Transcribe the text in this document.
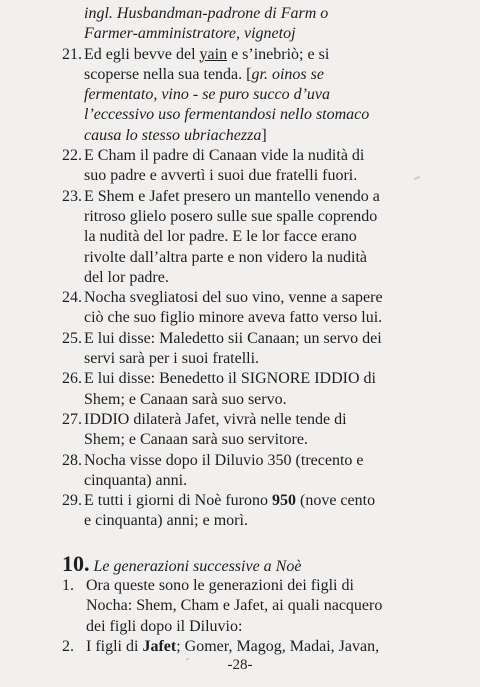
ingl. Husbandman-padrone di Farm o
Farmer-amministratore, vignetoj
21. Ed egli bevve del yain e s’inebriò; e si
scoperse nella sua tenda. [gr. oinos se
fermentato, vino - se puro succo d’uva
l’eccessivo uso fermentandosi nello stomaco
causa lo stesso ubriachezza]
22. E Cham il padre di Canaan vide la nudità di
suo padre e avvertì i suoi due fratelli fuori.
23. E Shem e Jafet presero un mantello venendo a
ritroso glielo posero sulle sue spalle coprendo
la nudità del lor padre. E le lor facce erano
rivolte dall’altra parte e non videro la nudità
del lor padre.
24. Nocha svegliatosi del suo vino, venne a sapere
ciò che suo figlio minore aveva fatto verso lui.
25. E lui disse: Maledetto sii Canaan; un servo dei
servi sarà per i suoi fratelli.
26. E lui disse: Benedetto il SIGNORE IDDIO di
Shem; e Canaan sarà suo servo.
27. IDDIO dilaterà Jafet, vivrà nelle tende di
Shem; e Canaan sarà suo servitore.
28. Nocha visse dopo il Diluvio 350 (trecento e
cinquanta) anni.
29. E tutti i giorni di Noè furono 950 (nove cento
e cinquanta) anni; e morì.
10. Le generazioni successive a Noè
1. Ora queste sono le generazioni dei figli di
Nocha: Shem, Cham e Jafet, ai quali nacquero
dei figli dopo il Diluvio:
2. I figli di Jafet; Gomer, Magog, Madai, Javan,
-28-
